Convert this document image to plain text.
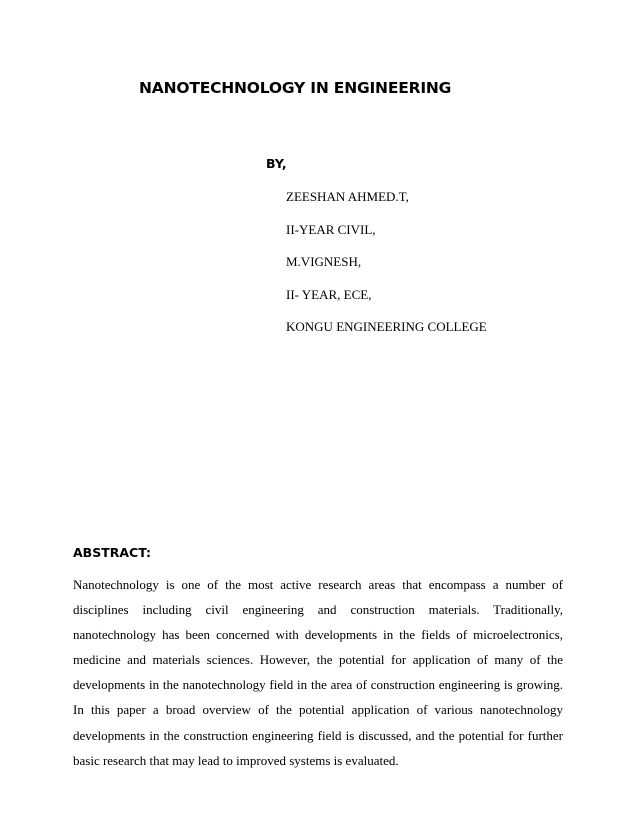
NANOTECHNOLOGY IN ENGINEERING
BY,
ZEESHAN AHMED.T,
II-YEAR CIVIL,
M.VIGNESH,
II- YEAR, ECE,
KONGU ENGINEERING COLLEGE
ABSTRACT:

Nanotechnology is one of the most active research areas that encompass a number of disciplines including civil engineering and construction materials. Traditionally, nanotechnology has been concerned with developments in the fields of microelectronics, medicine and materials sciences. However, the potential for application of many of the developments in the nanotechnology field in the area of construction engineering is growing. In this paper a broad overview of the potential application of various nanotechnology developments in the construction engineering field is discussed, and the potential for further basic research that may lead to improved systems is evaluated.
